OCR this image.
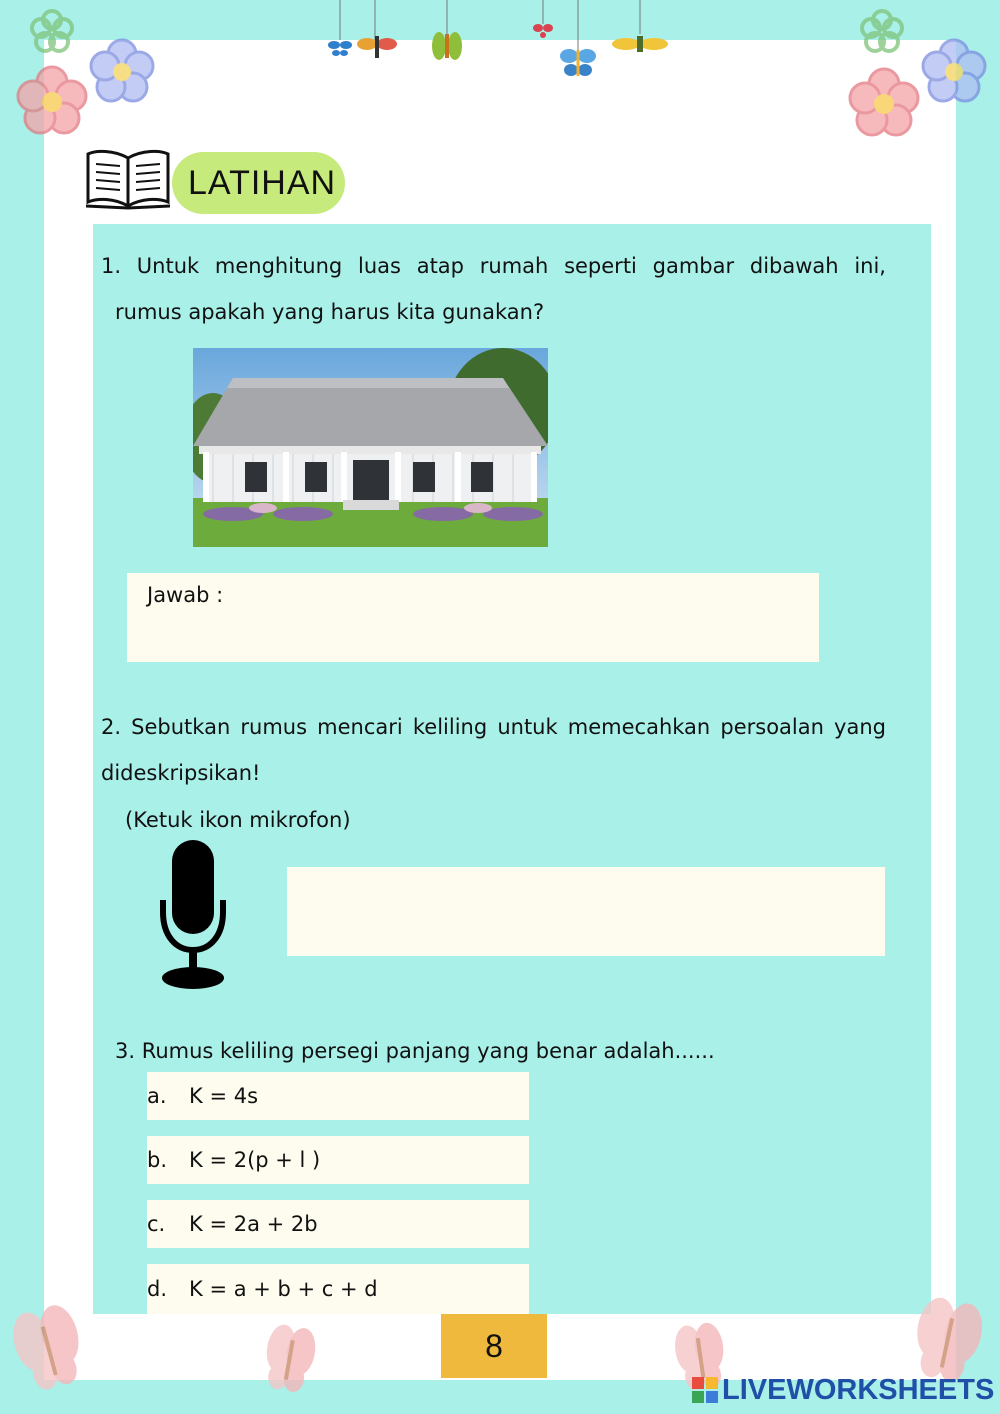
LATIHAN
1. Untuk menghitung luas atap rumah seperti gambar dibawah ini,
rumus apakah yang harus kita gunakan?
Jawab :
2. Sebutkan rumus mencari keliling untuk memecahkan persoalan yang
dideskripsikan!
(Ketuk ikon mikrofon)
3. Rumus keliling persegi panjang yang benar adalah......
a.	K = 4s
b.	K = 2(p + l )
c.	K = 2a + 2b
d.	K = a + b + c + d
8
LIVEWORKSHEETS
